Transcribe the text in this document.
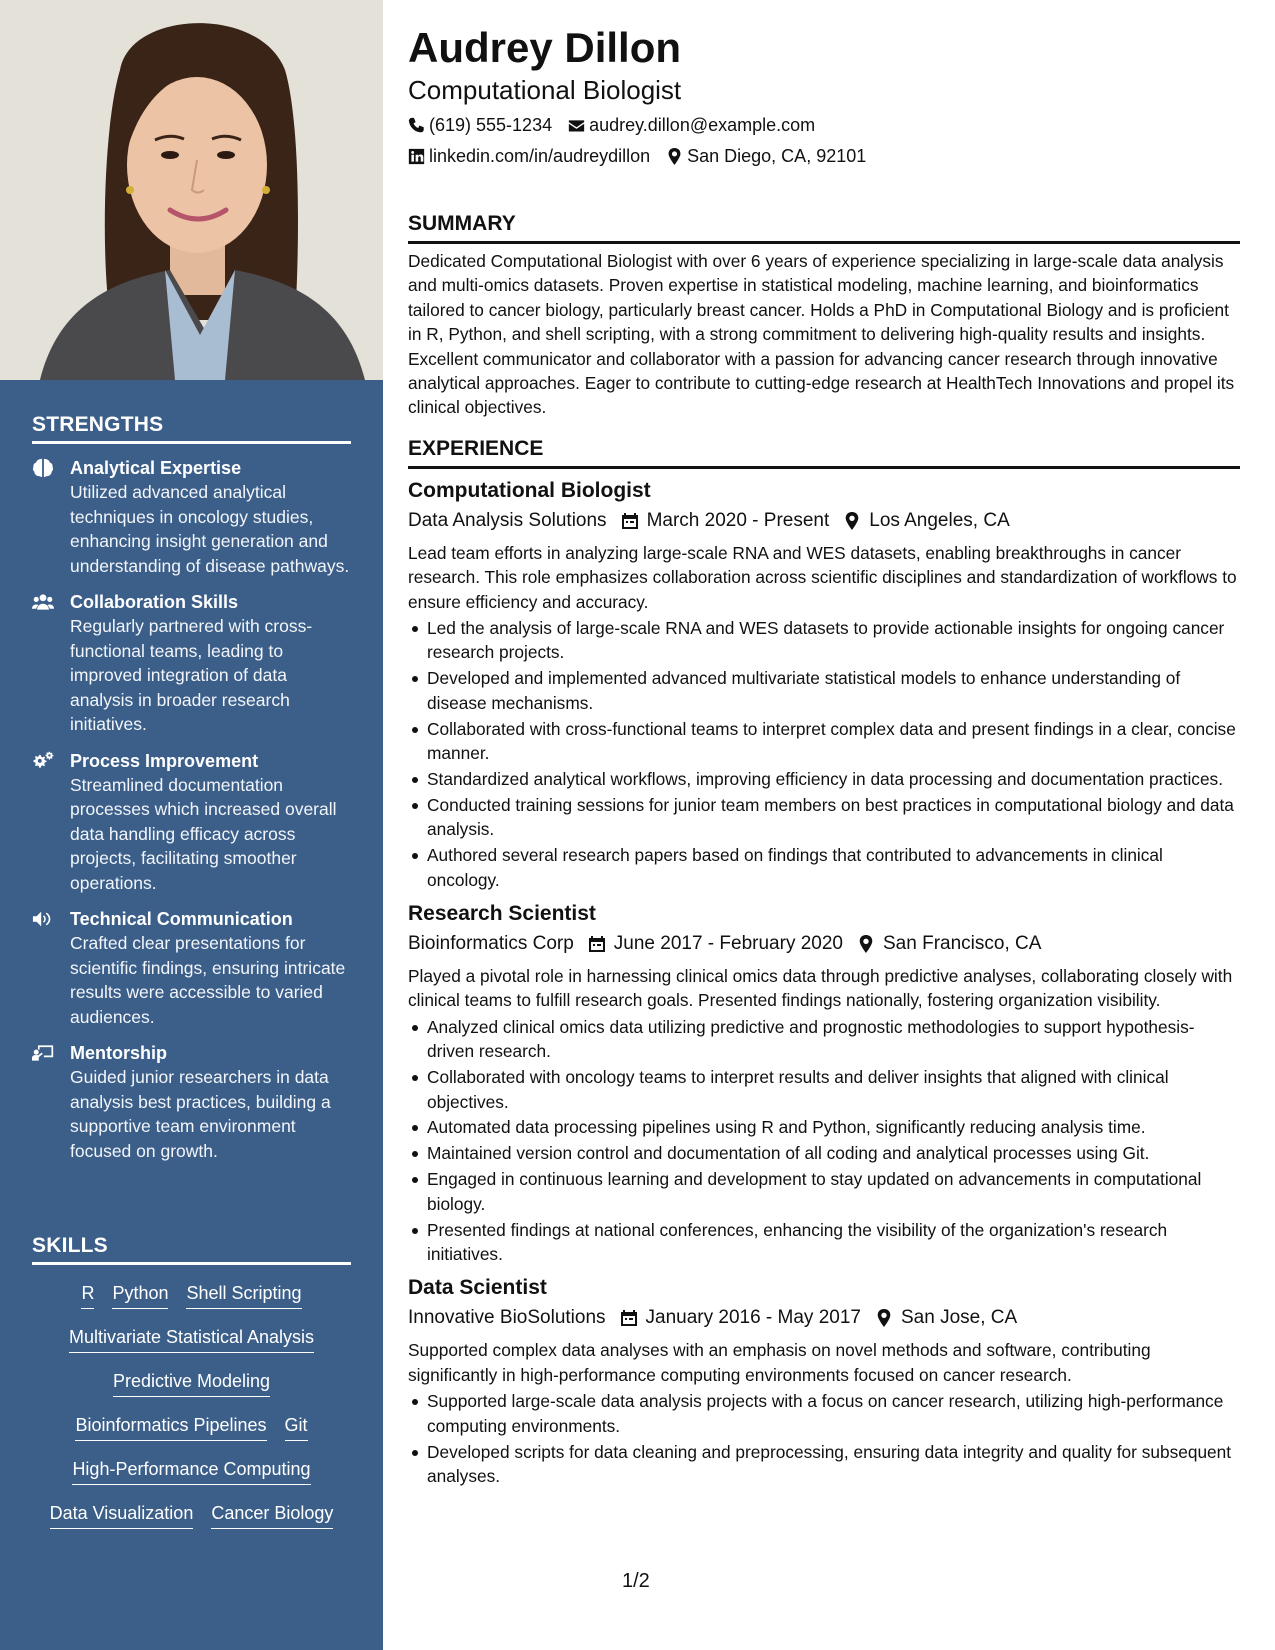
STRENGTHS
Analytical Expertise
Utilized advanced analytical techniques in oncology studies, enhancing insight generation and understanding of disease pathways.
Collaboration Skills
Regularly partnered with cross-functional teams, leading to improved integration of data analysis in broader research initiatives.
Process Improvement
Streamlined documentation processes which increased overall data handling efficacy across projects, facilitating smoother operations.
Technical Communication
Crafted clear presentations for scientific findings, ensuring intricate results were accessible to varied audiences.
Mentorship
Guided junior researchers in data analysis best practices, building a supportive team environment focused on growth.
SKILLS
R Python Shell Scripting
Multivariate Statistical Analysis
Predictive Modeling
Bioinformatics Pipelines Git
High-Performance Computing
Data Visualization Cancer Biology
Audrey Dillon
Computational Biologist
(619) 555-1234 audrey.dillon@example.com
linkedin.com/in/audreydillon San Diego, CA, 92101
SUMMARY
Dedicated Computational Biologist with over 6 years of experience specializing in large-scale data analysis and multi-omics datasets. Proven expertise in statistical modeling, machine learning, and bioinformatics tailored to cancer biology, particularly breast cancer. Holds a PhD in Computational Biology and is proficient in R, Python, and shell scripting, with a strong commitment to delivering high-quality results and insights. Excellent communicator and collaborator with a passion for advancing cancer research through innovative analytical approaches. Eager to contribute to cutting-edge research at HealthTech Innovations and propel its clinical objectives.
EXPERIENCE
Computational Biologist
Data Analysis Solutions March 2020 - Present Los Angeles, CA
Lead team efforts in analyzing large-scale RNA and WES datasets, enabling breakthroughs in cancer research. This role emphasizes collaboration across scientific disciplines and standardization of workflows to ensure efficiency and accuracy.
Led the analysis of large-scale RNA and WES datasets to provide actionable insights for ongoing cancer research projects.
Developed and implemented advanced multivariate statistical models to enhance understanding of disease mechanisms.
Collaborated with cross-functional teams to interpret complex data and present findings in a clear, concise manner.
Standardized analytical workflows, improving efficiency in data processing and documentation practices.
Conducted training sessions for junior team members on best practices in computational biology and data analysis.
Authored several research papers based on findings that contributed to advancements in clinical oncology.
Research Scientist
Bioinformatics Corp June 2017 - February 2020 San Francisco, CA
Played a pivotal role in harnessing clinical omics data through predictive analyses, collaborating closely with clinical teams to fulfill research goals. Presented findings nationally, fostering organization visibility.
Analyzed clinical omics data utilizing predictive and prognostic methodologies to support hypothesis-driven research.
Collaborated with oncology teams to interpret results and deliver insights that aligned with clinical objectives.
Automated data processing pipelines using R and Python, significantly reducing analysis time.
Maintained version control and documentation of all coding and analytical processes using Git.
Engaged in continuous learning and development to stay updated on advancements in computational biology.
Presented findings at national conferences, enhancing the visibility of the organization's research initiatives.
Data Scientist
Innovative BioSolutions January 2016 - May 2017 San Jose, CA
Supported complex data analyses with an emphasis on novel methods and software, contributing significantly in high-performance computing environments focused on cancer research.
Supported large-scale data analysis projects with a focus on cancer research, utilizing high-performance computing environments.
Developed scripts for data cleaning and preprocessing, ensuring data integrity and quality for subsequent analyses.
1/2
